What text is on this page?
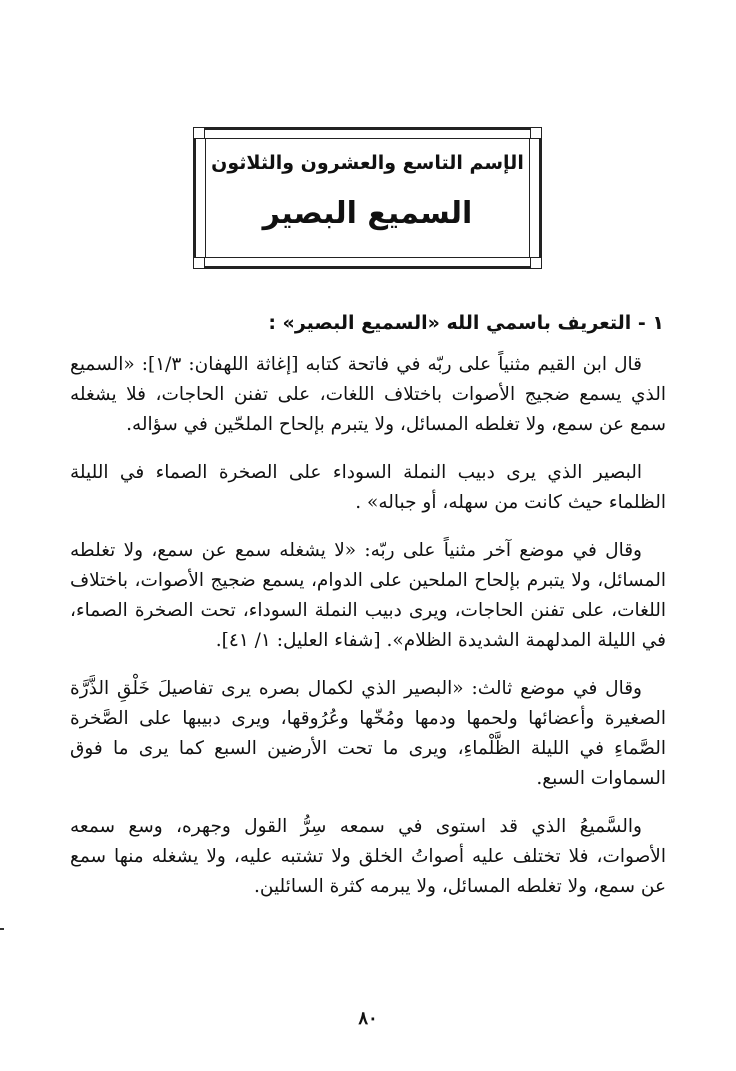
الإسم التاسع والعشرون والثلاثون
السميع البصير
١ - التعريف باسمي الله «السميع البصير» :

قال ابن القيم مثنياً على ربّه في فاتحة كتابه [إغاثة اللهفان: ١/٣]: «السميع الذي يسمع ضجيج الأصوات باختلاف اللغات، على تفنن الحاجات، فلا يشغله سمع عن سمع، ولا تغلطه المسائل، ولا يتبرم بإلحاح الملحّين في سؤاله.

البصير الذي يرى دبيب النملة السوداء على الصخرة الصماء في الليلة الظلماء حيث كانت من سهله، أو جباله» .

وقال في موضع آخر مثنياً على ربّه: «لا يشغله سمع عن سمع، ولا تغلطه المسائل، ولا يتبرم بإلحاح الملحين على الدوام، يسمع ضجيج الأصوات، باختلاف اللغات، على تفنن الحاجات، ويرى دبيب النملة السوداء، تحت الصخرة الصماء، في الليلة المدلهمة الشديدة الظلام». [شفاء العليل: ١/ ٤١].

وقال في موضع ثالث: «البصير الذي لكمال بصره يرى تفاصيلَ خَلْقِ الذَّرَّة الصغيرة وأعضائها ولحمها ودمها ومُخّها وعُرُوقها، ويرى دبيبها على الصَّخرة الصَّماءِ في الليلة الظَّلْماءِ، ويرى ما تحت الأرضين السبع كما يرى ما فوق السماوات السبع.

والسَّميعُ الذي قد استوى في سمعه سِرُّ القول وجهره، وسع سمعه الأصوات، فلا تختلف عليه أصواتُ الخلق ولا تشتبه عليه، ولا يشغله منها سمع عن سمع، ولا تغلطه المسائل، ولا يبرمه كثرة السائلين.

٨٠
